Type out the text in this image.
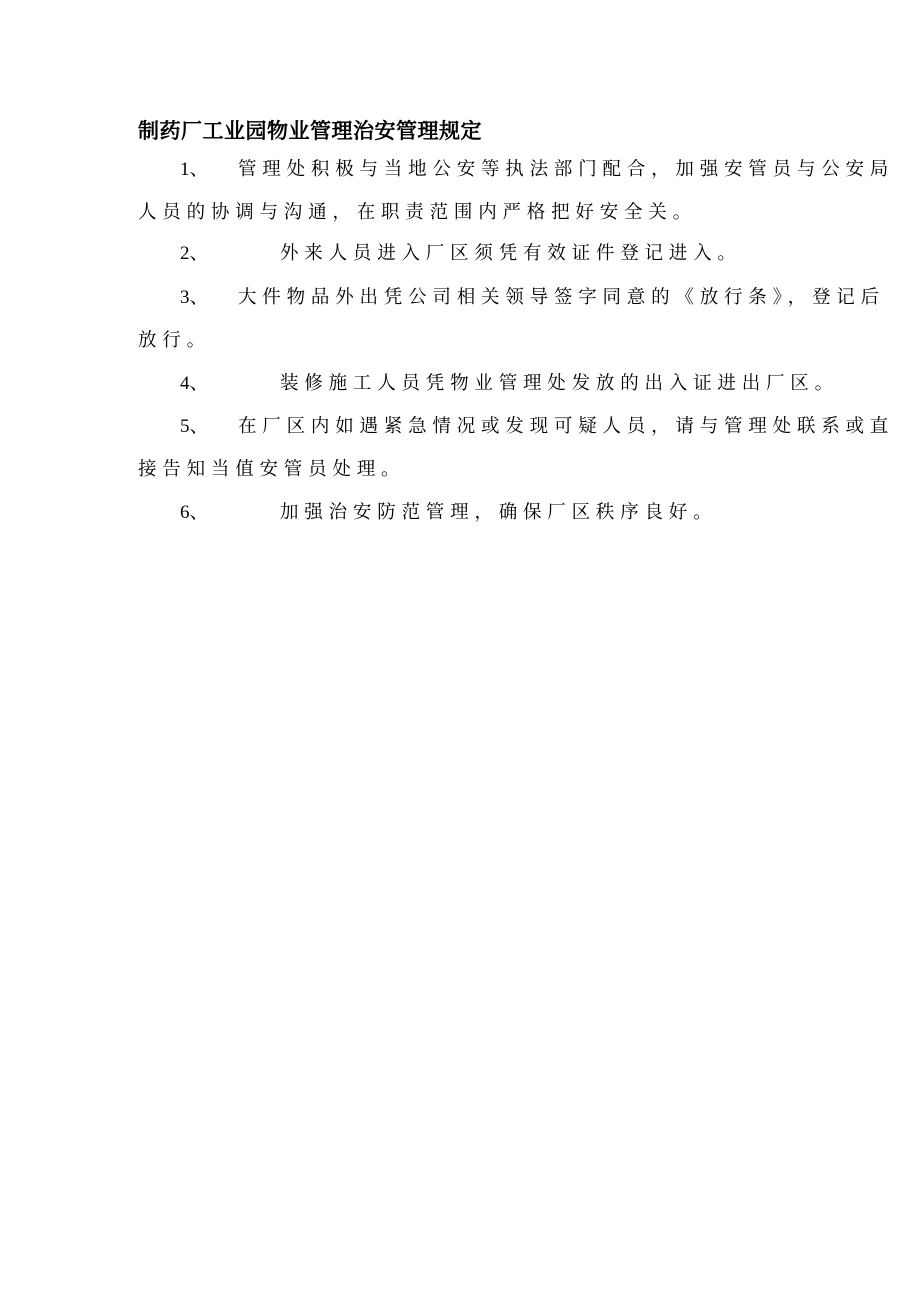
制药厂工业园物业管理治安管理规定
1、 管理处积极与当地公安等执法部门配合，加强安管员与公安局
人员的协调与沟通，在职责范围内严格把好安全关。
2、	外来人员进入厂区须凭有效证件登记进入。
3、 大件物品外出凭公司相关领导签字同意的《放行条》，登记后
放行。
4、	装修施工人员凭物业管理处发放的出入证进出厂区。
5、 在厂区内如遇紧急情况或发现可疑人员，请与管理处联系或直
接告知当值安管员处理。
6、	加强治安防范管理，确保厂区秩序良好。
